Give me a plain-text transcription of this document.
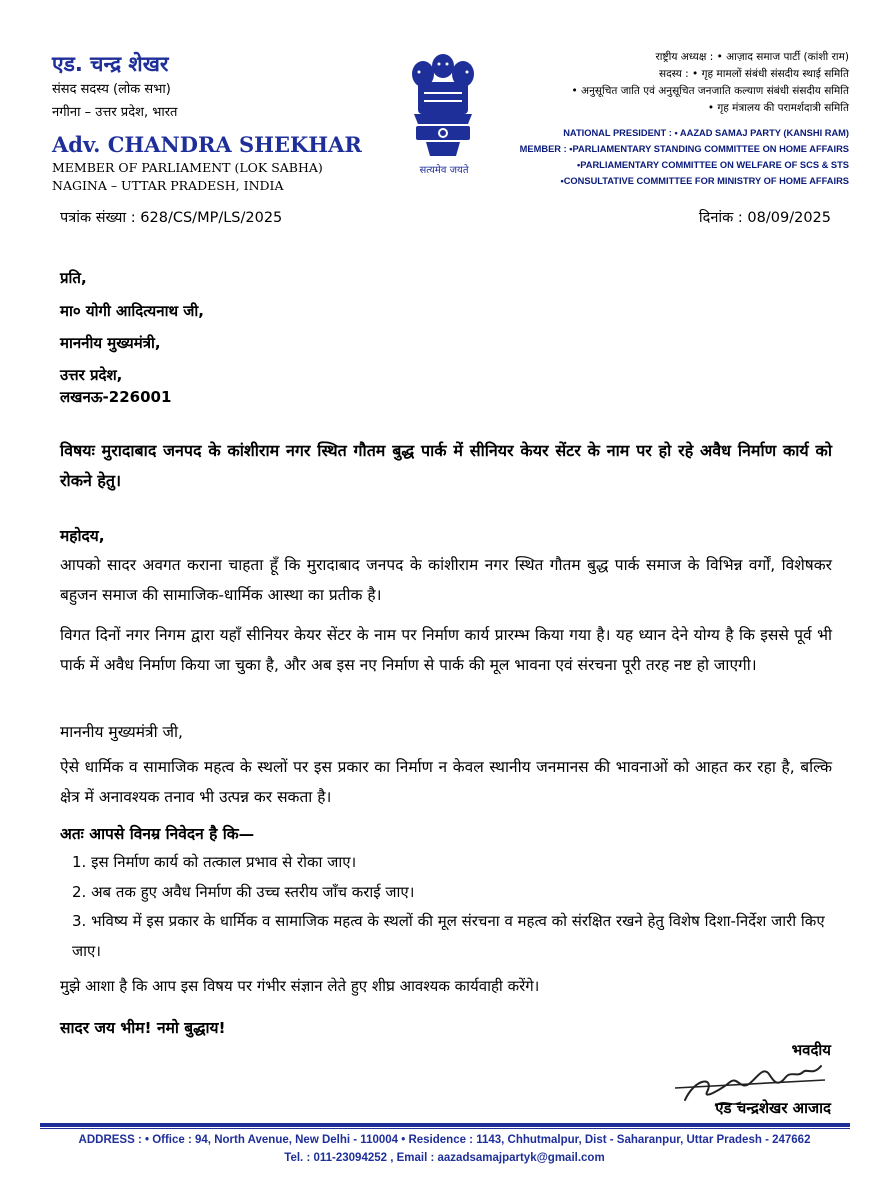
एड. चन्द्र शेखर
संसद सदस्य (लोक सभा)
नगीना – उत्तर प्रदेश, भारत
Adv. CHANDRA SHEKHAR
MEMBER OF PARLIAMENT (LOK SABHA)
NAGINA – UTTAR PRADESH, INDIA
सत्यमेव जयते
राष्ट्रीय अध्यक्ष : • आज़ाद समाज पार्टी (कांशी राम)
सदस्य : • गृह मामलों संबंधी संसदीय स्थाई समिति
• अनुसूचित जाति एवं अनुसूचित जनजाति कल्याण संबंधी संसदीय समिति
• गृह मंत्रालय की परामर्शदात्री समिति
NATIONAL PRESIDENT : • AAZAD SAMAJ PARTY (KANSHI RAM)
MEMBER : •PARLIAMENTARY STANDING COMMITTEE ON HOME AFFAIRS
•PARLIAMENTARY COMMITTEE ON WELFARE OF SCS & STS
•CONSULTATIVE COMMITTEE FOR MINISTRY OF HOME AFFAIRS
पत्रांक संख्या : 628/CS/MP/LS/2025	दिनांक : 08/09/2025
प्रति,
मा० योगी आदित्यनाथ जी,
माननीय मुख्यमंत्री,
उत्तर प्रदेश,
लखनऊ-226001
विषयः मुरादाबाद जनपद के कांशीराम नगर स्थित गौतम बुद्ध पार्क में सीनियर केयर सेंटर के नाम पर हो रहे अवैध निर्माण कार्य को रोकने हेतु।
महोदय,
आपको सादर अवगत कराना चाहता हूँ कि मुरादाबाद जनपद के कांशीराम नगर स्थित गौतम बुद्ध पार्क समाज के विभिन्न वर्गों, विशेषकर बहुजन समाज की सामाजिक-धार्मिक आस्था का प्रतीक है।
विगत दिनों नगर निगम द्वारा यहाँ सीनियर केयर सेंटर के नाम पर निर्माण कार्य प्रारम्भ किया गया है। यह ध्यान देने योग्य है कि इससे पूर्व भी पार्क में अवैध निर्माण किया जा चुका है, और अब इस नए निर्माण से पार्क की मूल भावना एवं संरचना पूरी तरह नष्ट हो जाएगी।
माननीय मुख्यमंत्री जी,
ऐसे धार्मिक व सामाजिक महत्व के स्थलों पर इस प्रकार का निर्माण न केवल स्थानीय जनमानस की भावनाओं को आहत कर रहा है, बल्कि क्षेत्र में अनावश्यक तनाव भी उत्पन्न कर सकता है।
अतः आपसे विनम्र निवेदन है कि—
1. इस निर्माण कार्य को तत्काल प्रभाव से रोका जाए।
2. अब तक हुए अवैध निर्माण की उच्च स्तरीय जाँच कराई जाए।
3. भविष्य में इस प्रकार के धार्मिक व सामाजिक महत्व के स्थलों की मूल संरचना व महत्व को संरक्षित रखने हेतु विशेष दिशा-निर्देश जारी किए जाए।
मुझे आशा है कि आप इस विषय पर गंभीर संज्ञान लेते हुए शीघ्र आवश्यक कार्यवाही करेंगे।
सादर जय भीम! नमो बुद्धाय!
भवदीय
एड चन्द्रशेखर आजाद
ADDRESS : • Office : 94, North Avenue, New Delhi - 110004 • Residence : 1143, Chhutmalpur, Dist - Saharanpur, Uttar Pradesh - 247662
Tel. : 011-23094252 , Email : aazadsamajpartyk@gmail.com
